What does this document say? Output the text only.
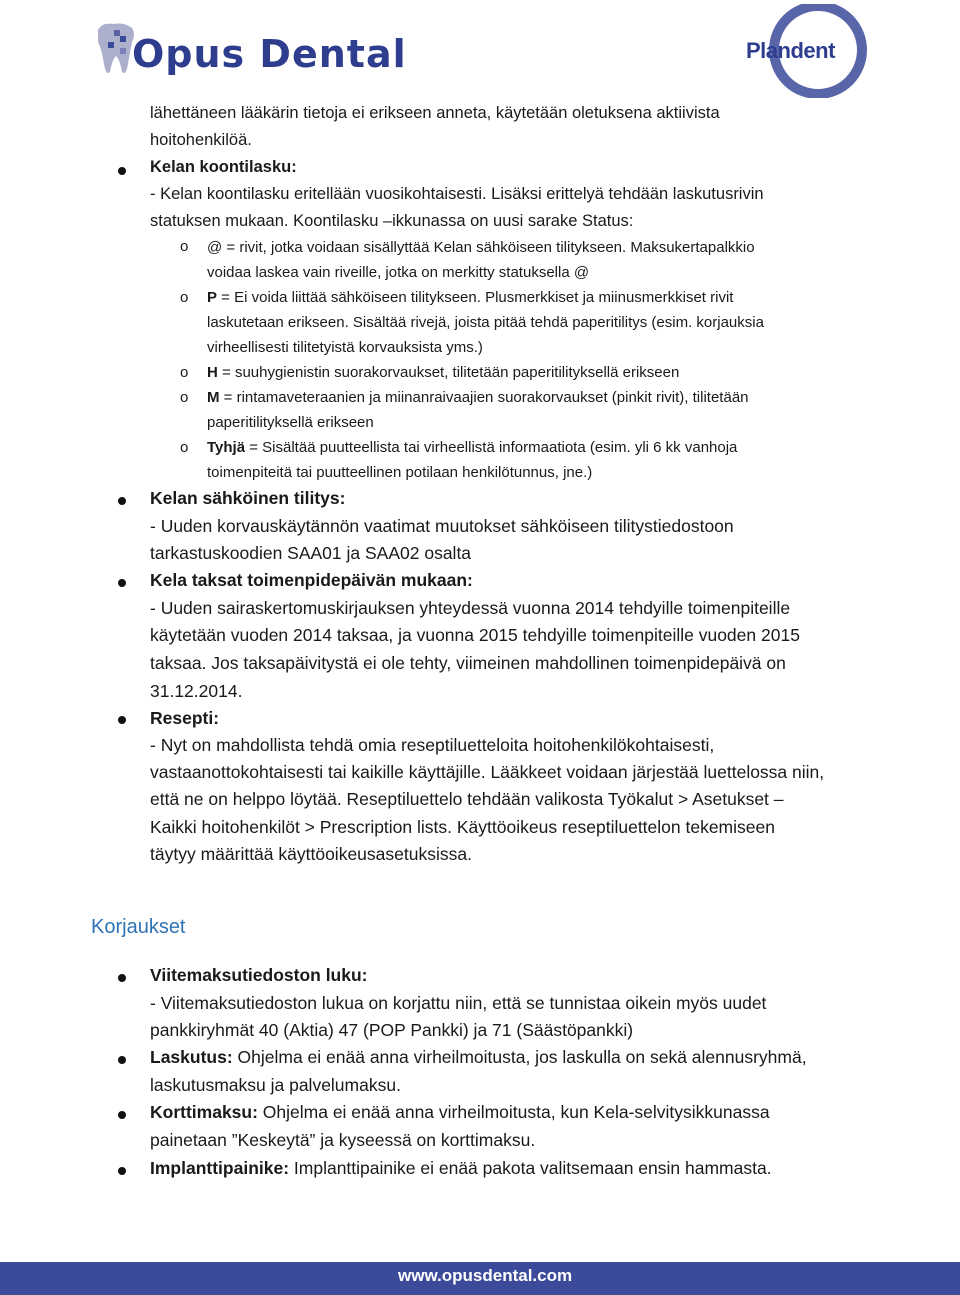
Opus Dental	Plandent
lähettäneen lääkärin tietoja ei erikseen anneta, käytetään oletuksena aktiivista
hoitohenkilöä.
Kelan koontilasku:
- Kelan koontilasku eritellään vuosikohtaisesti. Lisäksi erittelyä tehdään laskutusrivin
statuksen mukaan. Koontilasku –ikkunassa on uusi sarake Status:
o @ = rivit, jotka voidaan sisällyttää Kelan sähköiseen tilitykseen. Maksukertapalkkio
voidaa laskea vain riveille, jotka on merkitty statuksella @
o P = Ei voida liittää sähköiseen tilitykseen. Plusmerkkiset ja miinusmerkkiset rivit
laskutetaan erikseen. Sisältää rivejä, joista pitää tehdä paperitilitys (esim. korjauksia
virheellisesti tilitetyistä korvauksista yms.)
o H = suuhygienistin suorakorvaukset, tilitetään paperitilityksellä erikseen
o M = rintamaveteraanien ja miinanraivaajien suorakorvaukset (pinkit rivit), tilitetään
paperitilityksellä erikseen
o Tyhjä = Sisältää puutteellista tai virheellistä informaatiota (esim. yli 6 kk vanhoja
toimenpiteitä tai puutteellinen potilaan henkilötunnus, jne.)
Kelan sähköinen tilitys:
- Uuden korvauskäytännön vaatimat muutokset sähköiseen tilitystiedostoon
tarkastuskoodien SAA01 ja SAA02 osalta
Kela taksat toimenpidepäivän mukaan:
- Uuden sairaskertomuskirjauksen yhteydessä vuonna 2014 tehdyille toimenpiteille
käytetään vuoden 2014 taksaa, ja vuonna 2015 tehdyille toimenpiteille vuoden 2015
taksaa. Jos taksapäivitystä ei ole tehty, viimeinen mahdollinen toimenpidepäivä on
31.12.2014.
Resepti:
- Nyt on mahdollista tehdä omia reseptiluetteloita hoitohenkilökohtaisesti,
vastaanottokohtaisesti tai kaikille käyttäjille. Lääkkeet voidaan järjestää luettelossa niin,
että ne on helppo löytää. Reseptiluettelo tehdään valikosta Työkalut > Asetukset –
Kaikki hoitohenkilöt > Prescription lists. Käyttöoikeus reseptiluettelon tekemiseen
täytyy määrittää käyttöoikeusasetuksissa.
Korjaukset
Viitemaksutiedoston luku:
- Viitemaksutiedoston lukua on korjattu niin, että se tunnistaa oikein myös uudet
pankkiryhmät 40 (Aktia) 47 (POP Pankki) ja 71 (Säästöpankki)
Laskutus: Ohjelma ei enää anna virheilmoitusta, jos laskulla on sekä alennusryhmä,
laskutusmaksu ja palvelumaksu.
Korttimaksu: Ohjelma ei enää anna virheilmoitusta, kun Kela-selvitysikkunassa
painetaan ”Keskeytä” ja kyseessä on korttimaksu.
Implanttipainike: Implanttipainike ei enää pakota valitsemaan ensin hammasta.
www.opusdental.com
